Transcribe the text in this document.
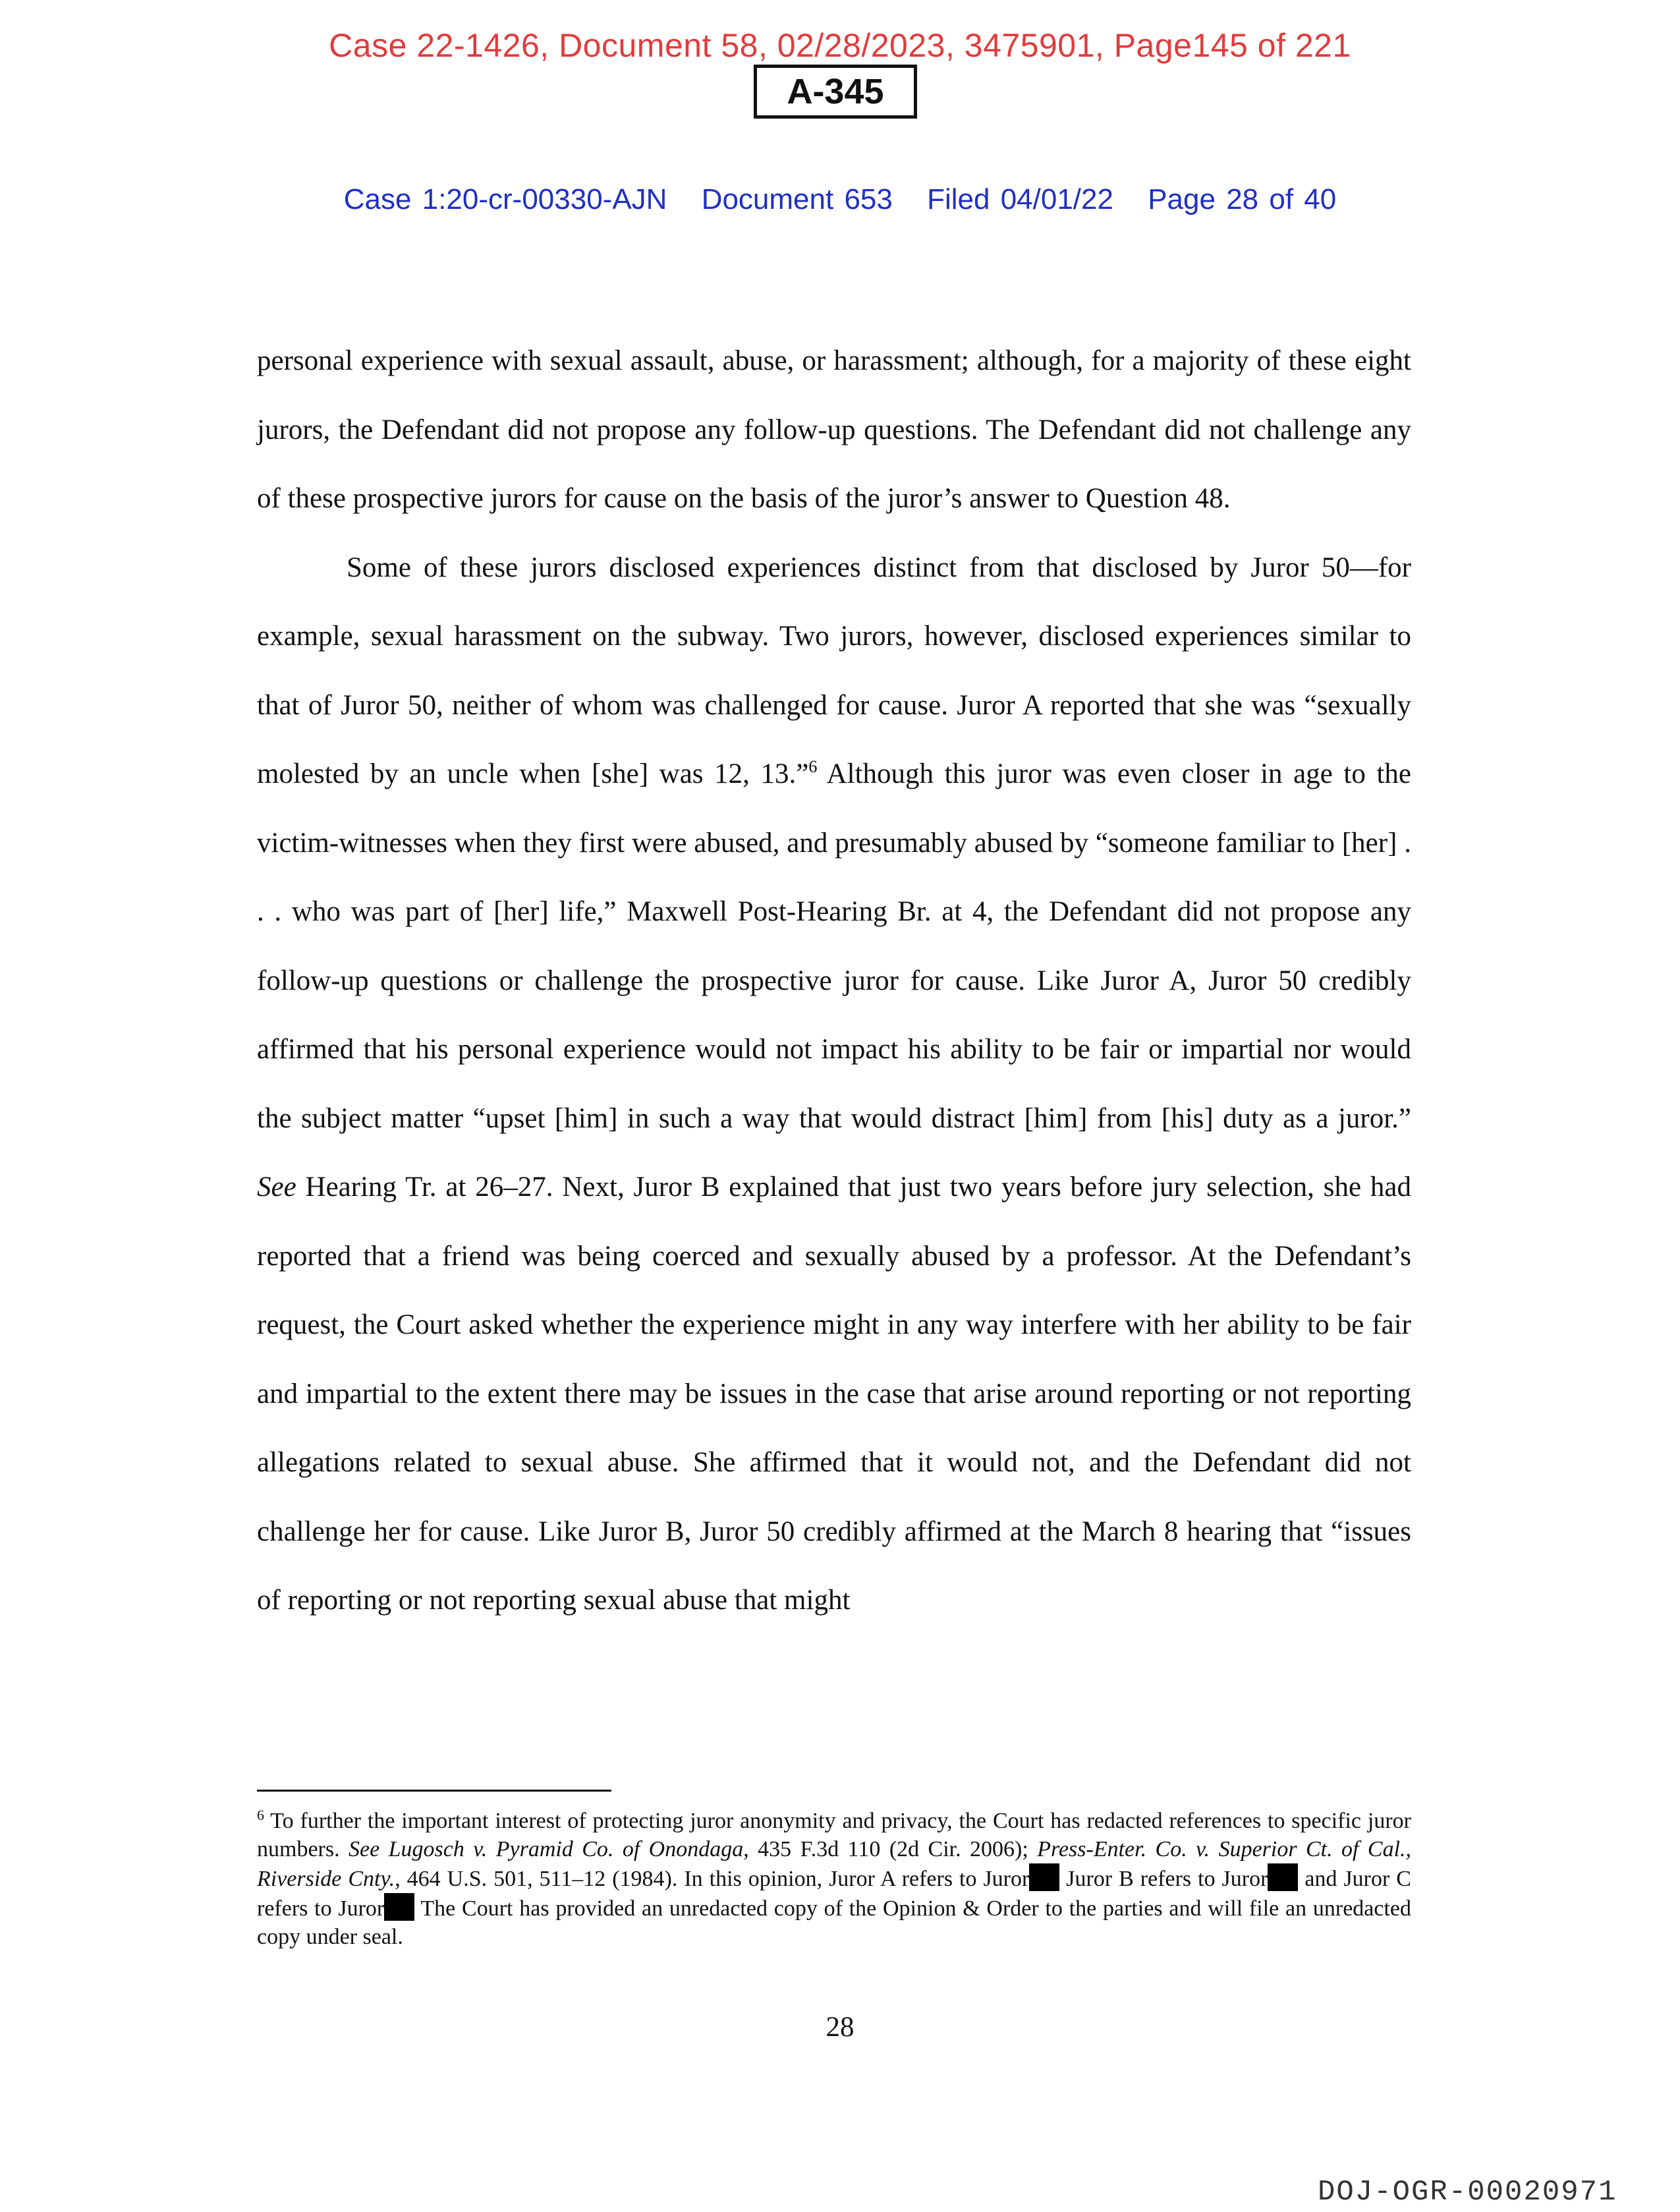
Case 22-1426, Document 58, 02/28/2023, 3475901, Page145 of 221
A-345
Case 1:20-cr-00330-AJN Document 653 Filed 04/01/22 Page 28 of 40

personal experience with sexual assault, abuse, or harassment; although, for a majority of these eight jurors, the Defendant did not propose any follow-up questions. The Defendant did not challenge any of these prospective jurors for cause on the basis of the juror’s answer to Question 48.

Some of these jurors disclosed experiences distinct from that disclosed by Juror 50—for example, sexual harassment on the subway. Two jurors, however, disclosed experiences similar to that of Juror 50, neither of whom was challenged for cause. Juror A reported that she was “sexually molested by an uncle when [she] was 12, 13.”$^6$ Although this juror was even closer in age to the victim-witnesses when they first were abused, and presumably abused by “someone familiar to [her] . . . who was part of [her] life,” Maxwell Post-Hearing Br. at 4, the Defendant did not propose any follow-up questions or challenge the prospective juror for cause. Like Juror A, Juror 50 credibly affirmed that his personal experience would not impact his ability to be fair or impartial nor would the subject matter “upset [him] in such a way that would distract [him] from [his] duty as a juror.” See Hearing Tr. at 26–27. Next, Juror B explained that just two years before jury selection, she had reported that a friend was being coerced and sexually abused by a professor. At the Defendant’s request, the Court asked whether the experience might in any way interfere with her ability to be fair and impartial to the extent there may be issues in the case that arise around reporting or not reporting allegations related to sexual abuse. She affirmed that it would not, and the Defendant did not challenge her for cause. Like Juror B, Juror 50 credibly affirmed at the March 8 hearing that “issues of reporting or not reporting sexual abuse that might

$^6$ To further the important interest of protecting juror anonymity and privacy, the Court has redacted references to specific juror numbers. See Lugosch v. Pyramid Co. of Onondaga, 435 F.3d 110 (2d Cir. 2006); Press-Enter. Co. v. Superior Ct. of Cal., Riverside Cnty., 464 U.S. 501, 511–12 (1984). In this opinion, Juror A refers to Juror Juror B refers to Juror and Juror C refers to Juror The Court has provided an unredacted copy of the Opinion & Order to the parties and will file an unredacted copy under seal.
28
DOJ-OGR-00020971
